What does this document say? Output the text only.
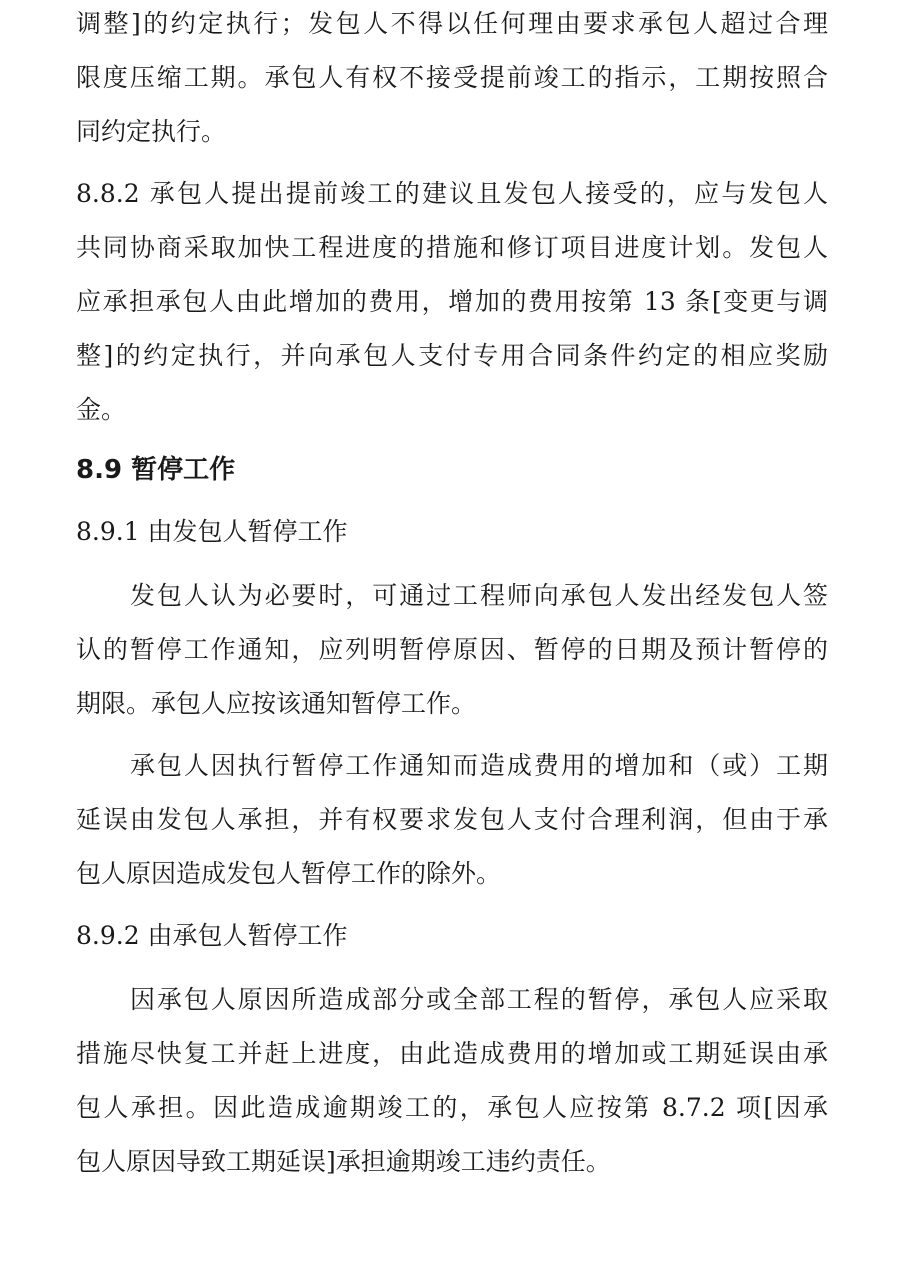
调整]的约定执行；发包人不得以任何理由要求承包人超过合理
限度压缩工期。承包人有权不接受提前竣工的指示，工期按照合
同约定执行。
8.8.2 承包人提出提前竣工的建议且发包人接受的，应与发包人
共同协商采取加快工程进度的措施和修订项目进度计划。发包人
应承担承包人由此增加的费用，增加的费用按第 13 条[变更与调
整]的约定执行，并向承包人支付专用合同条件约定的相应奖励
金。
8.9 暂停工作
8.9.1 由发包人暂停工作
发包人认为必要时，可通过工程师向承包人发出经发包人签
认的暂停工作通知，应列明暂停原因、暂停的日期及预计暂停的
期限。承包人应按该通知暂停工作。
承包人因执行暂停工作通知而造成费用的增加和（或）工期
延误由发包人承担，并有权要求发包人支付合理利润，但由于承
包人原因造成发包人暂停工作的除外。
8.9.2 由承包人暂停工作
因承包人原因所造成部分或全部工程的暂停，承包人应采取
措施尽快复工并赶上进度，由此造成费用的增加或工期延误由承
包人承担。因此造成逾期竣工的，承包人应按第 8.7.2 项[因承
包人原因导致工期延误]承担逾期竣工违约责任。
